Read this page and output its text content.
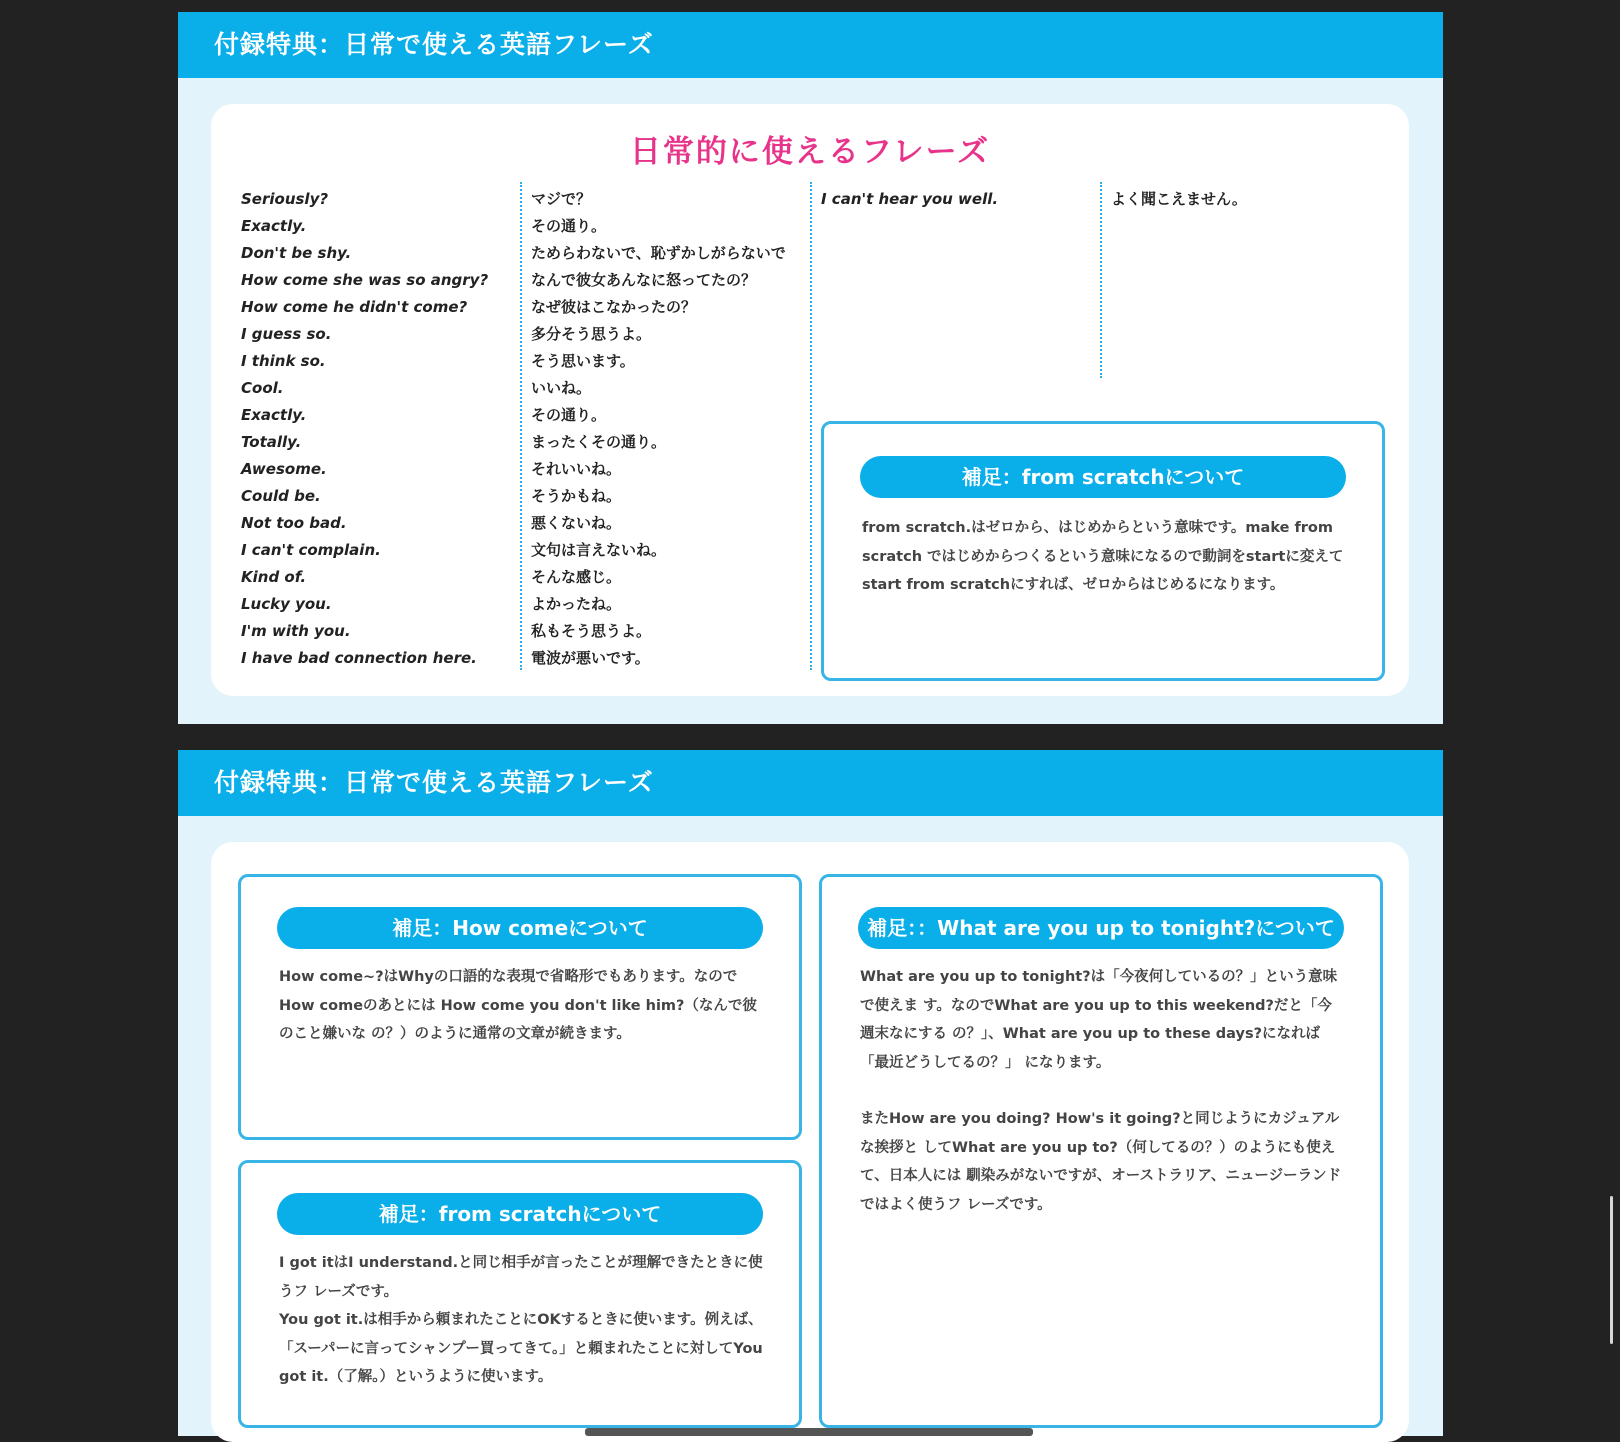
付録特典：日常で使える英語フレーズ
日常的に使えるフレーズ
Seriously?
Exactly.
Don't be shy.
How come she was so angry?
How come he didn't come?
I guess so.
I think so.
Cool.
Exactly.
Totally.
Awesome.
Could be.
Not too bad.
I can't complain.
Kind of.
Lucky you.
I'm with you.
I have bad connection here.
マジで？
その通り。
ためらわないで、恥ずかしがらないで
なんで彼女あんなに怒ってたの？
なぜ彼はこなかったの？
多分そう思うよ。
そう思います。
いいね。
その通り。
まったくその通り。
それいいね。
そうかもね。
悪くないね。
文句は言えないね。
そんな感じ。
よかったね。
私もそう思うよ。
電波が悪いです。
I can't hear you well.	よく聞こえません。
補足：from scratchについて

from scratch.はゼロから、はじめからという意味です。make from scratch ではじめからつくるという意味になるので動詞をstartに変えてstart from scratchにすれば、ゼロからはじめるになります。

付録特典：日常で使える英語フレーズ
補足：How comeについて

How come~?はWhyの口語的な表現で省略形でもあります。なのでHow comeのあとには How come you don't like him?（なんで彼のこと嫌いな の？）のように通常の文章が続きます。

補足：from scratchについて

I got itはI understand.と同じ相手が言ったことが理解できたときに使うフ レーズです。

You got it.は相手から頼まれたことにOKするときに使います。例えば、「スーパーに言ってシャンプー買ってきて。」と頼まれたことに対してYou got it.（了解。）というように使います。

補足：：What are you up to tonight?について

What are you up to tonight?は「今夜何しているの？」という意味で使えま す。なのでWhat are you up to this weekend?だと「今週末なにする の？」、What are you up to these days?になれば「最近どうしてるの？」 になります。

またHow are you doing? How's it going?と同じようにカジュアルな挨拶と してWhat are you up to?（何してるの？）のようにも使えて、日本人には 馴染みがないですが、オーストラリア、ニュージーランドではよく使うフ レーズです。
